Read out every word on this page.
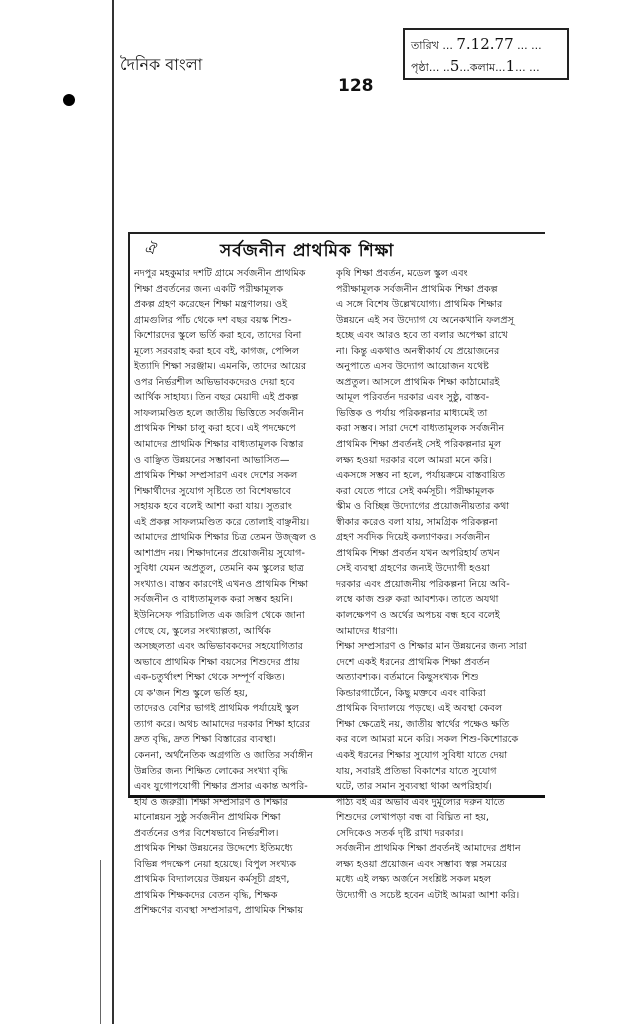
দৈনিক বাংলা
128
তারিখ ... 7.12.77 ... ...
পৃষ্ঠা... ..5...কলাম...1... ...
ঐ	সর্বজনীন প্রাথমিক শিক্ষা
নদপুর মহকুমার দশটি গ্রামে সর্বজনীন প্রাথমিক
শিক্ষা প্রবর্তনের জন্য একটি পরীক্ষামূলক
প্রকল্প গ্রহণ করেছেন শিক্ষা মন্ত্রণালয়। ওই
গ্রামগুলির পাঁচ থেকে দশ বছর বয়স্ক শিশু-
কিশোরদের স্কুলে ভর্তি করা হবে, তাদের বিনা
মূল্যে সরবরাহ করা হবে বই, কাগজ, পেন্সিল
ইত্যাদি শিক্ষা সরঞ্জাম। এমনকি, তাদের আয়ের
ওপর নির্ভরশীল অভিভাবকদেরও দেয়া হবে
আর্থিক সাহায্য। তিন বছর মেয়াদী এই প্রকল্প
সাফল্যমণ্ডিত হলে জাতীয় ভিত্তিতে সর্বজনীন
প্রাথমিক শিক্ষা চালু করা হবে। এই পদক্ষেপে
আমাদের প্রাথমিক শিক্ষার বাধ্যতামূলক বিস্তার
ও বাঞ্ছিত উন্নয়নের সম্ভাবনা আভাসিত—
প্রাথমিক শিক্ষা সম্প্রসারণ এবং দেশের সকল
শিক্ষার্থীদের সুযোগ সৃষ্টিতে তা বিশেষভাবে
সহায়ক হবে বলেই আশা করা যায়। সুতরাং
এই প্রকল্প সাফল্যমণ্ডিত করে তোলাই বাঞ্ছনীয়।
আমাদের প্রাথমিক শিক্ষার চিত্র তেমন উজ্জ্বল ও
আশাপ্রদ নয়। শিক্ষাদানের প্রয়োজনীয় সুযোগ-
সুবিধা যেমন অপ্রতুল, তেমনি কম স্কুলের ছাত্র
সংখ্যাও। বাস্তব কারণেই এখনও প্রাথমিক শিক্ষা
সর্বজনীন ও বাধ্যতামূলক করা সম্ভব হয়নি।
ইউনিসেফ পরিচালিত এক জরিপ থেকে জানা
গেছে যে, স্কুলের সংখ্যাল্পতা, আর্থিক
অসচ্ছলতা এবং অভিভাবকদের সহযোগিতার
অভাবে প্রাথমিক শিক্ষা বয়সের শিশুদের প্রায়
এক-চতুর্থাংশ শিক্ষা থেকে সম্পূর্ণ বঞ্চিত।
যে ক'জন শিশু স্কুলে ভর্তি হয়,
তাদেরও বেশির ভাগই প্রাথমিক পর্যায়েই স্কুল
ত্যাগ করে। অথচ আমাদের দরকার শিক্ষা হারের
দ্রুত বৃদ্ধি, দ্রুত শিক্ষা বিস্তারের ব্যবস্থা।
কেননা, অর্থনৈতিক অগ্রগতি ও জাতির সর্বাঙ্গীন
উন্নতির জন্য শিক্ষিত লোকের সংখ্যা বৃদ্ধি
এবং যুগোপযোগী শিক্ষার প্রসার একান্ত অপরি-
হার্য ও জরুরী। শিক্ষা সম্প্রসারণ ও শিক্ষার
মানোন্নয়ন সুষ্ঠু সর্বজনীন প্রাথমিক শিক্ষা
প্রবর্তনের ওপর বিশেষভাবে নির্ভরশীল।
প্রাথমিক শিক্ষা উন্নয়নের উদ্দেশ্যে ইতিমধ্যে
বিভিন্ন পদক্ষেপ নেয়া হয়েছে। বিপুল সংখ্যক
প্রাথমিক বিদ্যালয়ের উন্নয়ন কর্মসূচী গ্রহণ,
প্রাথমিক শিক্ষকদের বেতন বৃদ্ধি, শিক্ষক
প্রশিক্ষণের ব্যবস্থা সম্প্রসারণ, প্রাথমিক শিক্ষায়
কৃষি শিক্ষা প্রবর্তন, মডেল স্কুল এবং
পরীক্ষামূলক সর্বজনীন প্রাথমিক শিক্ষা প্রকল্প
এ সঙ্গে বিশেষ উল্লেখযোগ্য। প্রাথমিক শিক্ষার
উন্নয়নে এই সব উদ্যোগ যে অনেকখানি ফলপ্রসূ
হচ্ছে এবং আরও হবে তা বলার অপেক্ষা রাখে
না। কিন্তু একথাও অনস্বীকার্য যে প্রয়োজনের
অনুপাতে এসব উদ্যোগ আয়োজন যথেষ্ট
অপ্রতুল। আসলে প্রাথমিক শিক্ষা কাঠামোরই
আমূল পরিবর্তন দরকার এবং সুষ্ঠু, বাস্তব-
ভিত্তিক ও পর্যায় পরিকল্পনার মাধ্যমেই তা
করা সম্ভব। সারা দেশে বাধ্যতামূলক সর্বজনীন
প্রাথমিক শিক্ষা প্রবর্তনই সেই পরিকল্পনার মূল
লক্ষ্য হওয়া দরকার বলে আমরা মনে করি।
একসঙ্গে সম্ভব না হলে, পর্যায়ক্রমে বাস্তবায়িত
করা যেতে পারে সেই কর্মসূচী। পরীক্ষামূলক
স্কীম ও বিচ্ছিন্ন উদ্যোগের প্রয়োজনীয়তার কথা
স্বীকার করেও বলা যায়, সামগ্রিক পরিকল্পনা
গ্রহণ সর্বদিক দিয়েই কল্যাণকর। সর্বজনীন
প্রাথমিক শিক্ষা প্রবর্তন যখন অপরিহার্য তখন
সেই ব্যবস্থা গ্রহণের জন্যই উদ্যোগী হওয়া
দরকার এবং প্রয়োজনীয় পরিকল্পনা নিয়ে অবি-
লম্বে কাজ শুরু করা আবশ্যক। তাতে অযথা
কালক্ষেপণ ও অর্থের অপচয় বন্ধ হবে বলেই
আমাদের ধারণা।
শিক্ষা সম্প্রসারণ ও শিক্ষার মান উন্নয়নের জন্য সারা
দেশে একই ধরনের প্রাথমিক শিক্ষা প্রবর্তন
অত্যাবশ্যক। বর্তমানে কিছুসংখ্যক শিশু
কিন্ডারগার্টেনে, কিছু মক্তবে এবং বাকিরা
প্রাথমিক বিদ্যালয়ে পড়ছে। এই অবস্থা কেবল
শিক্ষা ক্ষেত্রেই নয়, জাতীয় স্বার্থের পক্ষেও ক্ষতি
কর বলে আমরা মনে করি। সকল শিশু-কিশোরকে
একই ধরনের শিক্ষার সুযোগ সুবিধা যাতে দেয়া
যায়, সবারই প্রতিভা বিকাশের যাতে সুযোগ
ঘটে, তার সমান সুব্যবস্থা থাকা অপরিহার্য।
পাঠ্য বই এর অভাব এবং দুর্মূল্যের দরুন যাতে
শিশুদের লেখাপড়া বন্ধ বা বিঘ্নিত না হয়,
সেদিকেও সতর্ক দৃষ্টি রাখা দরকার।
সর্বজনীন প্রাথমিক শিক্ষা প্রবর্তনই আমাদের প্রধান
লক্ষ্য হওয়া প্রয়োজন এবং সম্ভাব্য স্বল্প সময়ের
মধ্যে এই লক্ষ্য অর্জনে সংশ্লিষ্ট সকল মহল
উদ্যোগী ও সচেষ্ট হবেন এটাই আমরা আশা করি।
